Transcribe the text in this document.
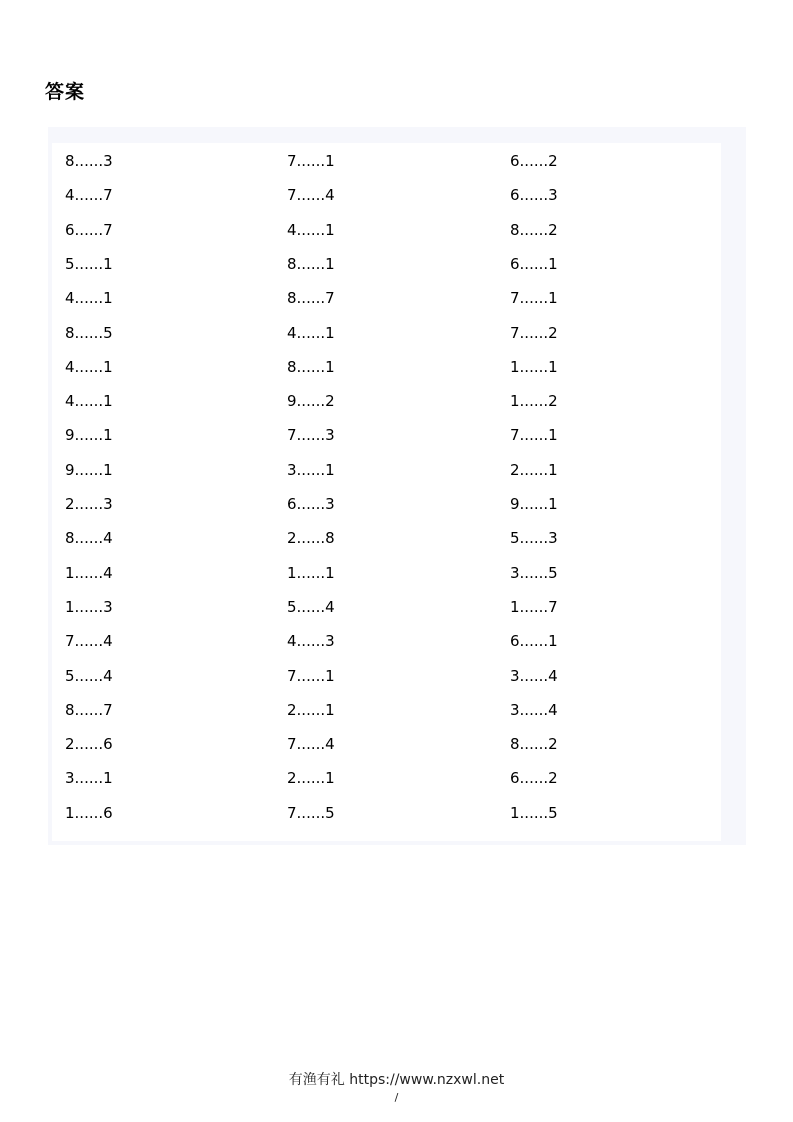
答案
8......3
4......7
6......7
5......1
4......1
8......5
4......1
4......1
9......1
9......1
2......3
8......4
1......4
1......3
7......4
5......4
8......7
2......6
3......1
1......6
7......1
7......4
4......1
8......1
8......7
4......1
8......1
9......2
7......3
3......1
6......3
2......8
1......1
5......4
4......3
7......1
2......1
7......4
2......1
7......5
6......2
6......3
8......2
6......1
7......1
7......2
1......1
1......2
7......1
2......1
9......1
5......3
3......5
1......7
6......1
3......4
3......4
8......2
6......2
1......5
有渔有礼 https://www.nzxwl.net
/
